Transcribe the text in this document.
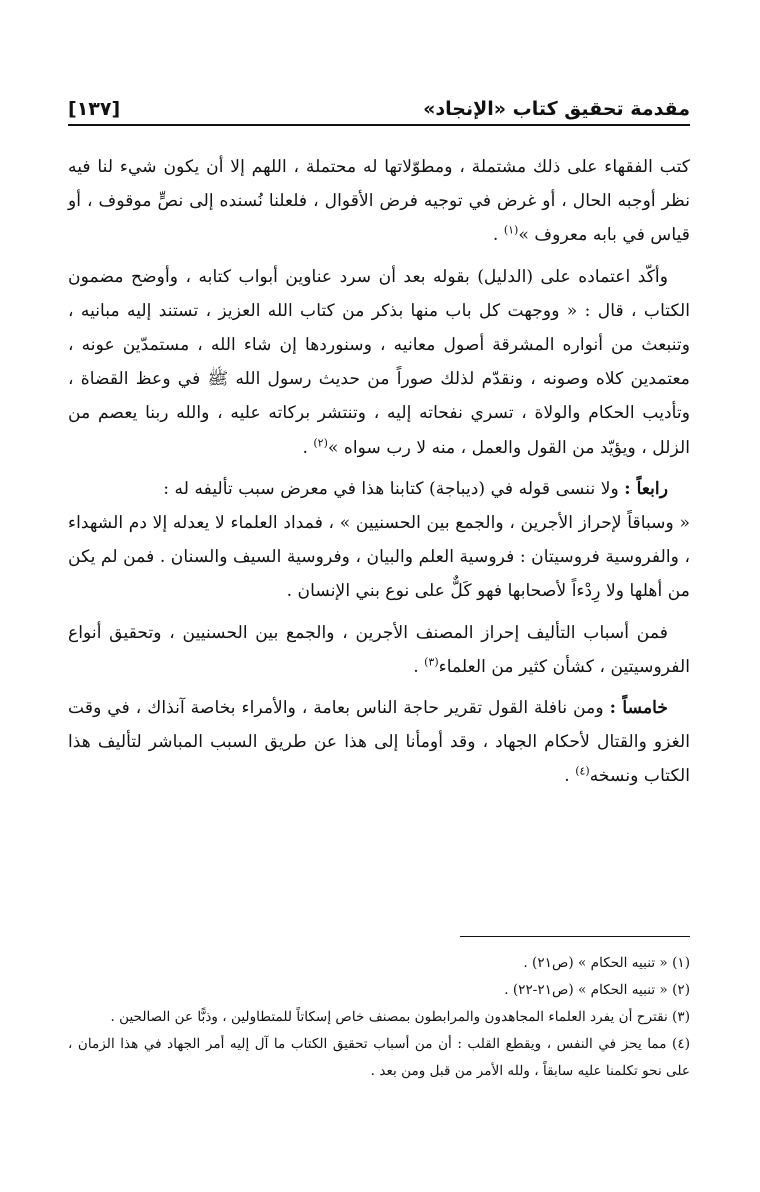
مقدمة تحقيق كتاب «الإنجاد»
[١٣٧]

كتب الفقهاء على ذلك مشتملة ، ومطوّلاتها له محتملة ، اللهم إلا أن يكون شيء لنا فيه نظر أوجبه الحال ، أو غرض في توجيه فرض الأقوال ، فلعلنا نُسنده إلى نصٍّ موقوف ، أو قياس في بابه معروف »$^{(١)}$ .

وأكّد اعتماده على (الدليل) بقوله بعد أن سرد عناوين أبواب كتابه ، وأوضح مضمون الكتاب ، قال : « ووجهت كل باب منها بذكر من كتاب الله العزيز ، تستند إليه مبانيه ، وتنبعث من أنواره المشرقة أصول معانيه ، وسنوردها إن شاء الله ، مستمدّين عونه ، معتمدين كلاه وصونه ، ونقدّم لذلك صوراً من حديث رسول الله ﷺ في وعظ القضاة ، وتأديب الحكام والولاة ، تسري نفحاته إليه ، وتنتشر بركاته عليه ، والله ربنا يعصم من الزلل ، ويؤيّد من القول والعمل ، منه لا رب سواه »$^{(٢)}$ .

رابعاً : ولا ننسى قوله في (ديباجة) كتابنا هذا في معرض سبب تأليفه له :

« وسباقاً لإحراز الأجرين ، والجمع بين الحسنيين » ، فمداد العلماء لا يعدله إلا دم الشهداء ، والفروسية فروسيتان : فروسية العلم والبيان ، وفروسية السيف والسنان . فمن لم يكن من أهلها ولا رِدْءاً لأصحابها فهو كَلٌّ على نوع بني الإنسان .

فمن أسباب التأليف إحراز المصنف الأجرين ، والجمع بين الحسنيين ، وتحقيق أنواع الفروسيتين ، كشأن كثير من العلماء$^{(٣)}$ .

خامساً : ومن نافلة القول تقرير حاجة الناس بعامة ، والأمراء بخاصة آنذاك ، في وقت الغزو والقتال لأحكام الجهاد ، وقد أومأنا إلى هذا عن طريق السبب المباشر لتأليف هذا الكتاب ونسخه$^{(٤)}$ .

(١) « تنبيه الحكام » (ص٢١) .

(٢) « تنبيه الحكام » (ص٢١-٢٢) .

(٣) نقترح أن يفرد العلماء المجاهدون والمرابطون بمصنف خاص إسكاتاً للمتطاولين ، وذبًّا عن الصالحين .

(٤) مما يحز في النفس ، ويقطع القلب : أن من أسباب تحقيق الكتاب ما آل إليه أمر الجهاد في هذا الزمان ، على نحو تكلمنا عليه سابقاً ، ولله الأمر من قبل ومن بعد .
